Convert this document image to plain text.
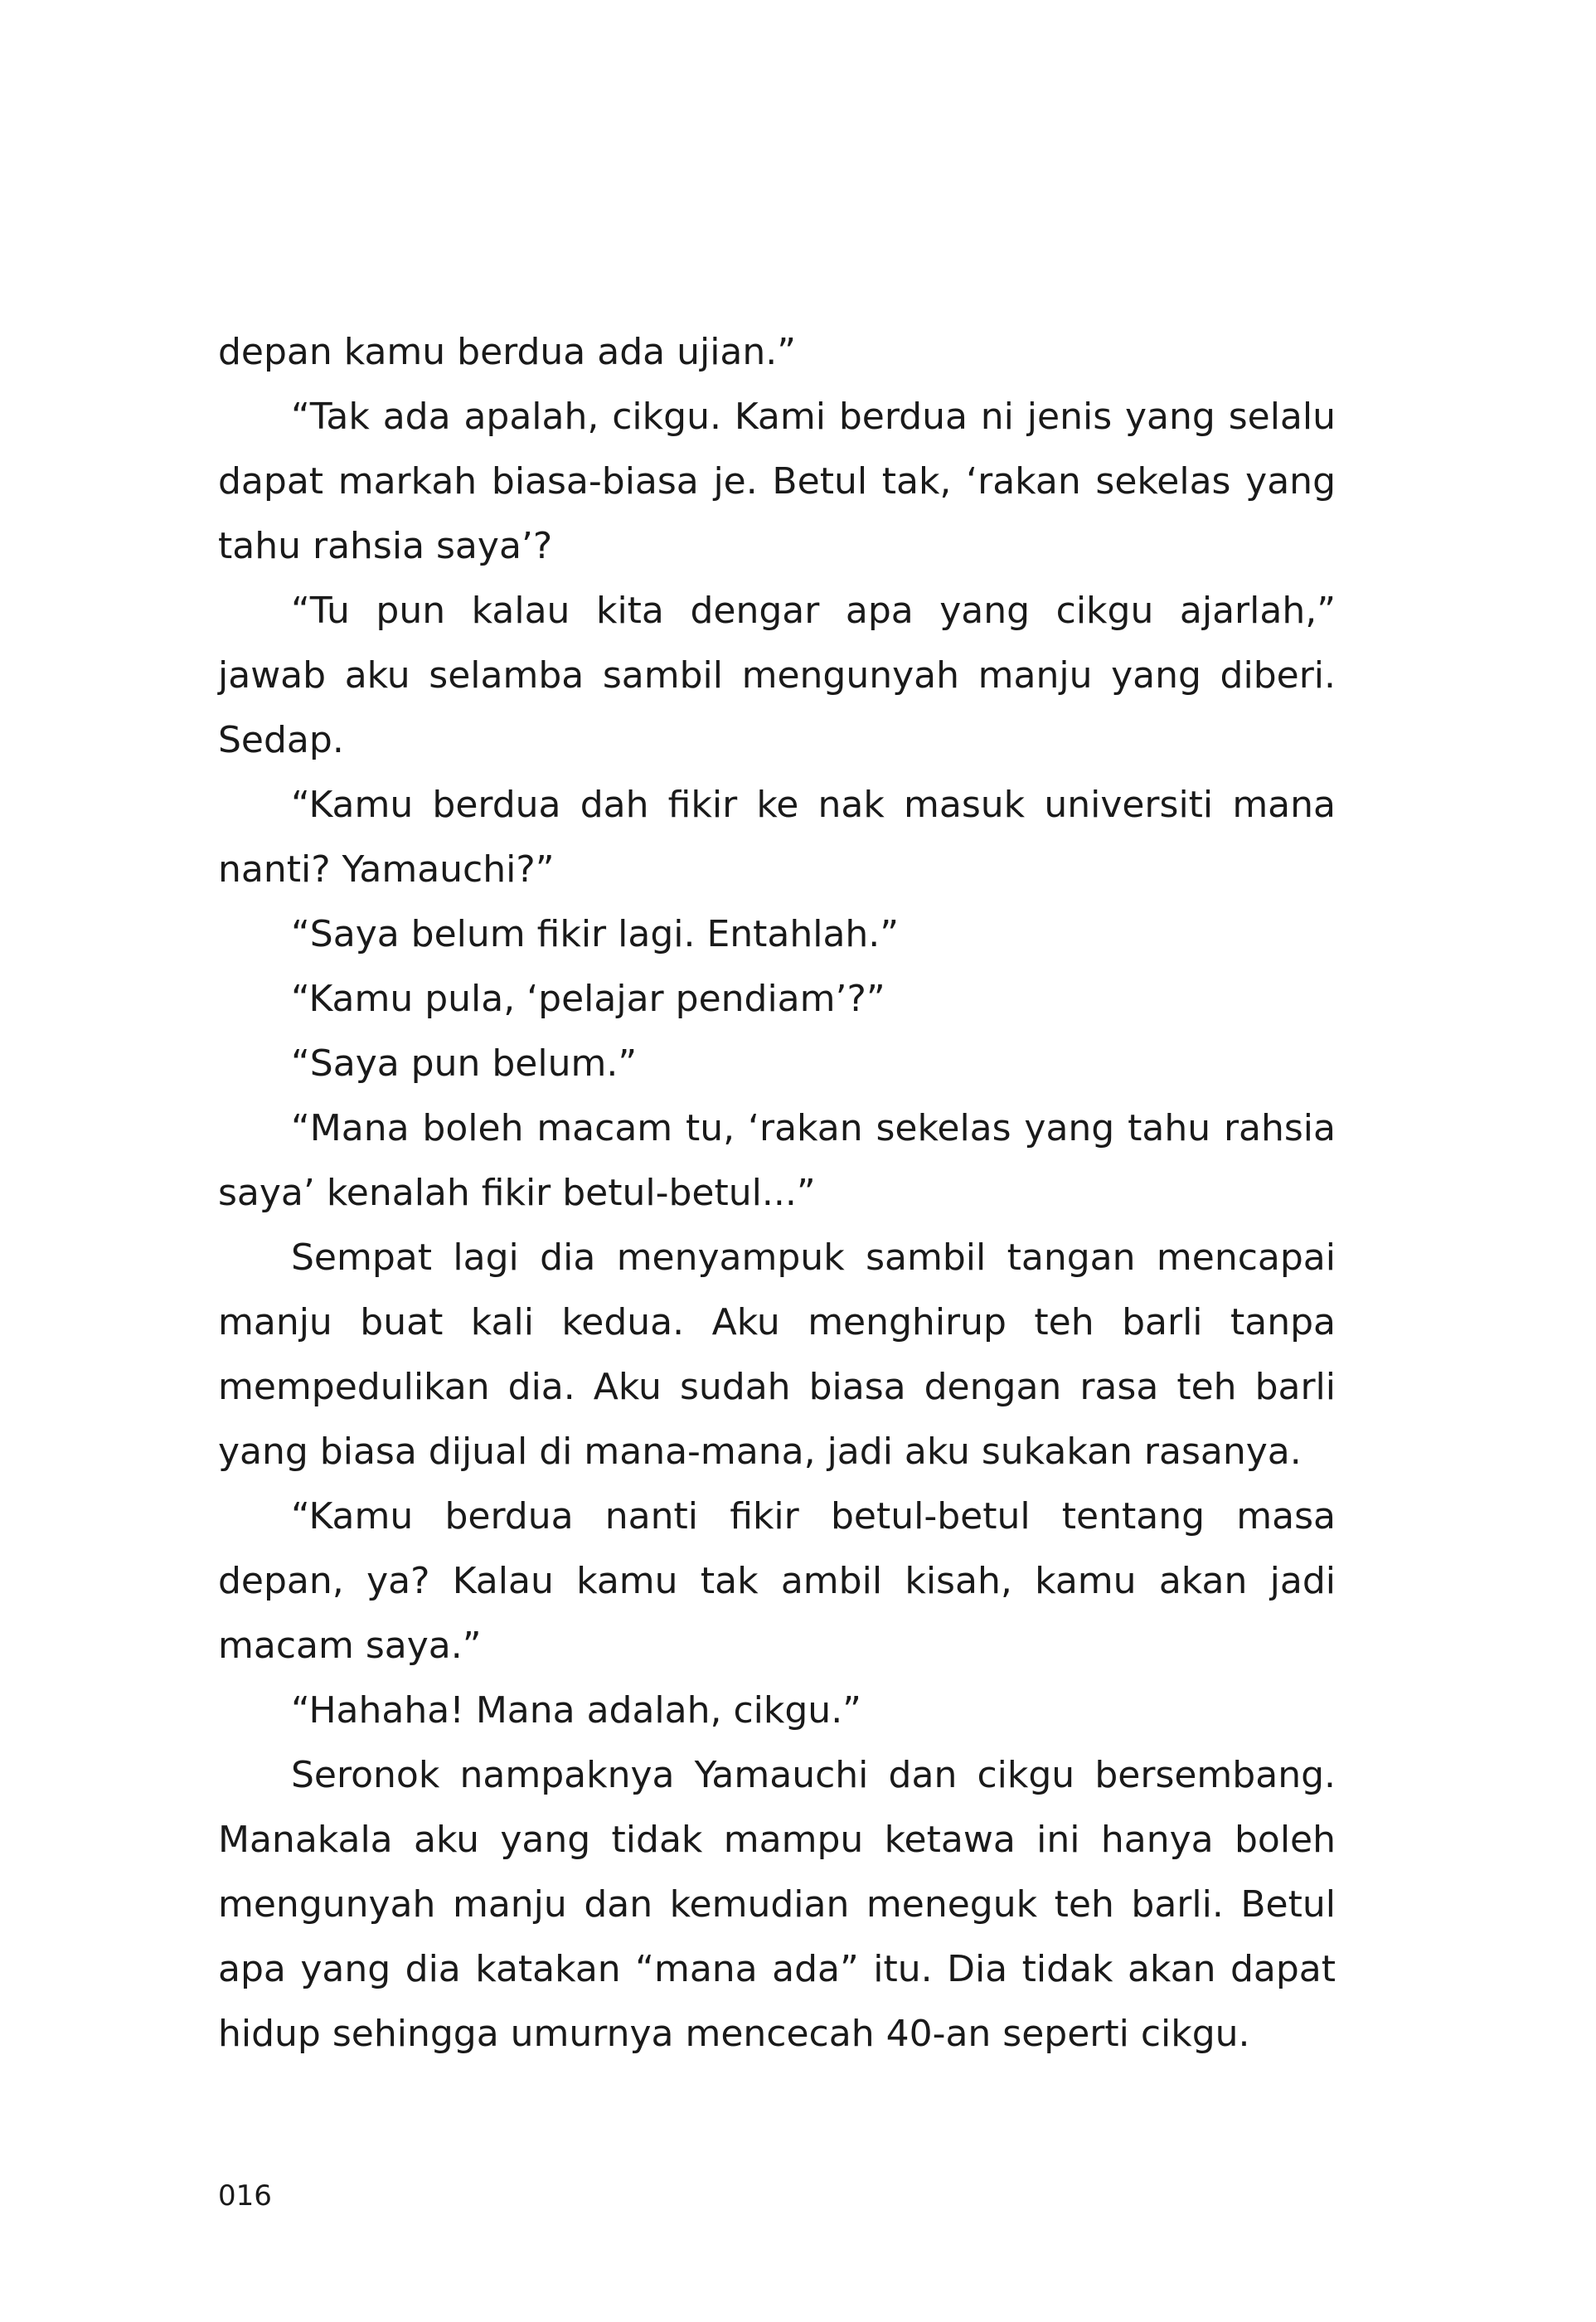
depan kamu berdua ada ujian.”

“Tak ada apalah, cikgu. Kami berdua ni jenis yang selalu dapat markah biasa-biasa je. Betul tak, ‘rakan sekelas yang tahu rahsia saya’?

“Tu pun kalau kita dengar apa yang cikgu ajarlah,” jawab aku selamba sambil mengunyah manju yang diberi. Sedap.

“Kamu berdua dah fikir ke nak masuk universiti mana nanti? Yamauchi?”

“Saya belum fikir lagi. Entahlah.”

“Kamu pula, ‘pelajar pendiam’?”

“Saya pun belum.”

“Mana boleh macam tu, ‘rakan sekelas yang tahu rahsia saya’ kenalah fikir betul-betul...”

Sempat lagi dia menyampuk sambil tangan mencapai manju buat kali kedua. Aku menghirup teh barli tanpa mempedulikan dia. Aku sudah biasa dengan rasa teh barli yang biasa dijual di mana-mana, jadi aku sukakan rasanya.

“Kamu berdua nanti fikir betul-betul tentang masa depan, ya? Kalau kamu tak ambil kisah, kamu akan jadi macam saya.”

“Hahaha! Mana adalah, cikgu.”

Seronok nampaknya Yamauchi dan cikgu bersembang. Manakala aku yang tidak mampu ketawa ini hanya boleh mengunyah manju dan kemudian meneguk teh barli. Betul apa yang dia katakan “mana ada” itu. Dia tidak akan dapat hidup sehingga umurnya mencecah 40-an seperti cikgu.

016
